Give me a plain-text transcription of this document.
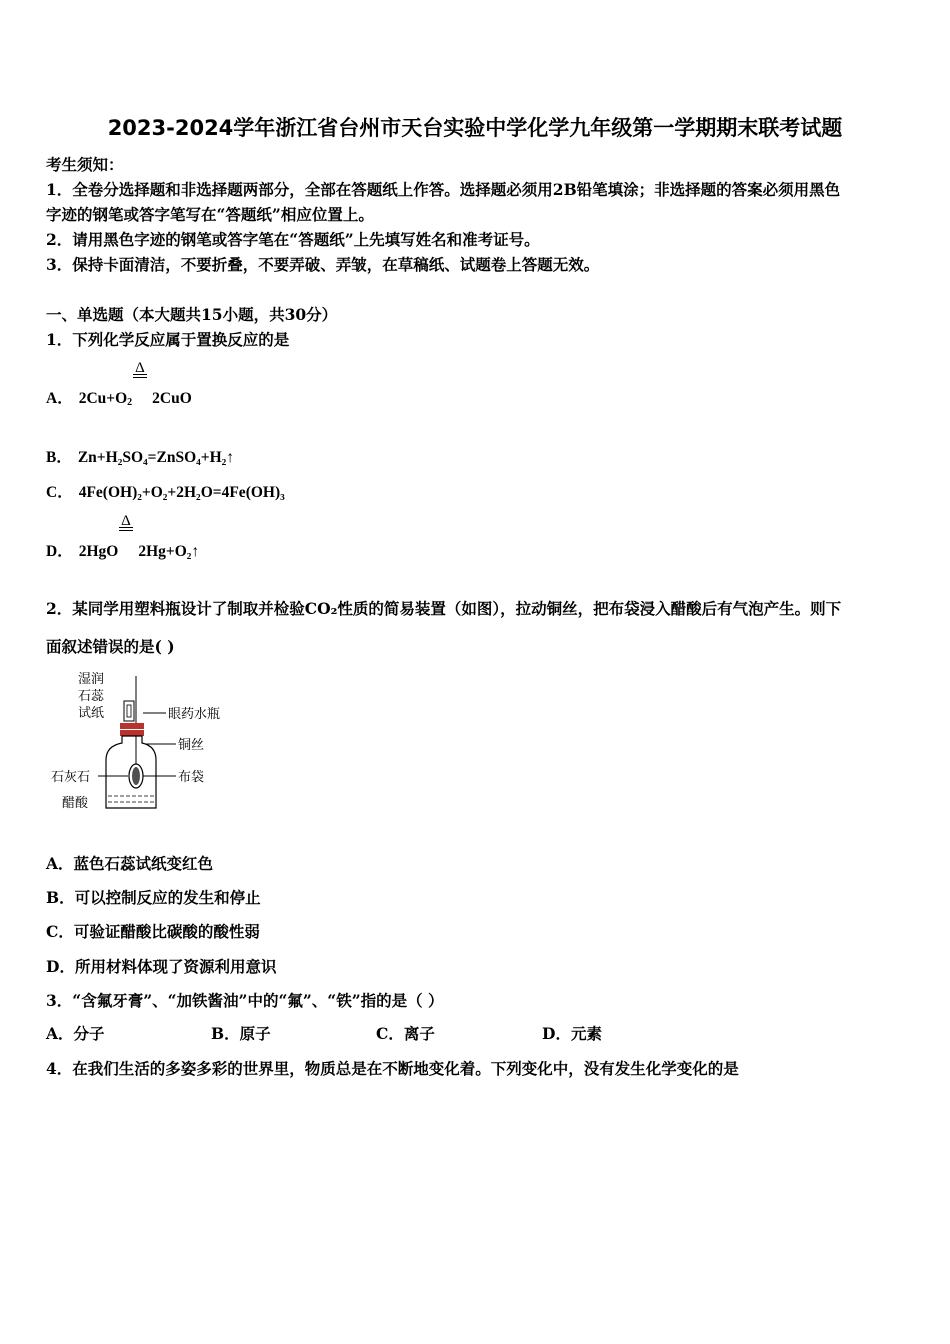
2023-2024学年浙江省台州市天台实验中学化学九年级第一学期期末联考试题
考生须知：
1．全卷分选择题和非选择题两部分，全部在答题纸上作答。选择题必须用2B铅笔填涂；非选择题的答案必须用黑色
字迹的钢笔或答字笔写在“答题纸”相应位置上。
2．请用黑色字迹的钢笔或答字笔在“答题纸”上先填写姓名和准考证号。
3．保持卡面清洁，不要折叠，不要弄破、弄皱，在草稿纸、试题卷上答题无效。
一、单选题（本大题共15小题，共30分）
1．下列化学反应属于置换反应的是
Δ
A． $2Cu+O_2$ 2CuO
B． Zn+H₂SO₄=ZnSO₄+H₂↑
C． 4Fe(OH)₂+O₂+2H₂O=4Fe(OH)₃
Δ
D． 2HgO 2Hg+O₂↑
2．某同学用塑料瓶设计了制取并检验CO₂性质的简易装置（如图），拉动铜丝，把布袋浸入醋酸后有气泡产生。则下
面叙述错误的是( )
湿润
石蕊
试纸	眼药水瓶
铜丝
石灰石	布袋
醋酸
A．蓝色石蕊试纸变红色
B．可以控制反应的发生和停止
C．可验证醋酸比碳酸的酸性弱
D．所用材料体现了资源利用意识
3．“含氟牙膏”、“加铁酱油”中的“氟”、“铁”指的是（ ）
A．分子	B．原子	C．离子	D．元素
4．在我们生活的多姿多彩的世界里，物质总是在不断地变化着。下列变化中，没有发生化学变化的是
